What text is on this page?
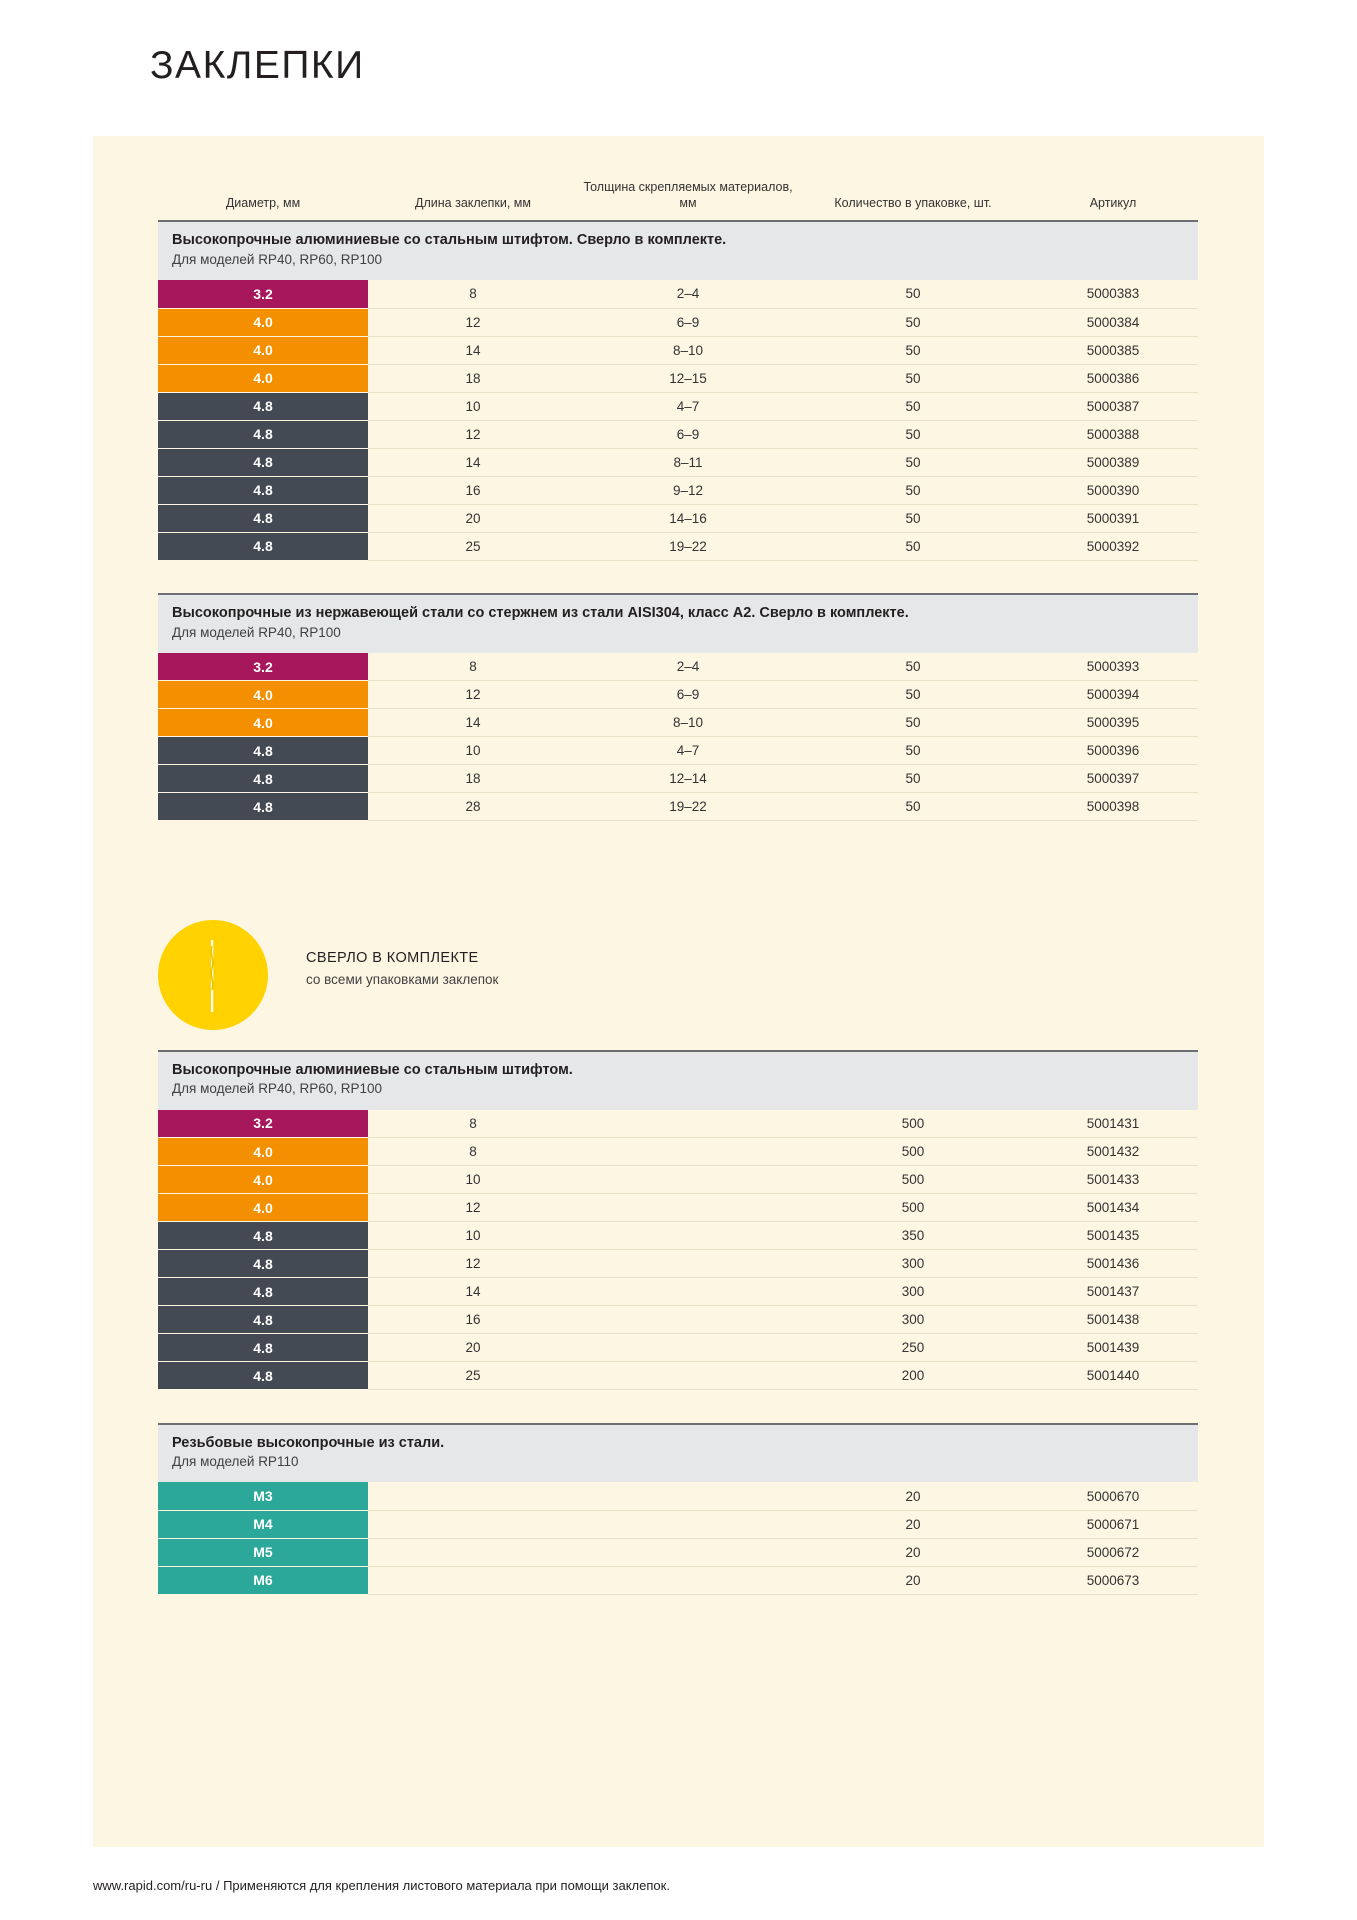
ЗАКЛЕПКИ
Диаметр, мм	Длина заклепки, мм	Толщина скрепляемых материалов, мм	Количество в упаковке, шт.	Артикул

Высокопрочные алюминиевые со стальным штифтом. Сверло в комплекте.
Для моделей RP40, RP60, RP100				

3.2	8	2–4	50	5000383
4.0	12	6–9	50	5000384
4.0	14	8–10	50	5000385
4.0	18	12–15	50	5000386
4.8	10	4–7	50	5000387
4.8	12	6–9	50	5000388
4.8	14	8–11	50	5000389
4.8	16	9–12	50	5000390
4.8	20	14–16	50	5000391
4.8	25	19–22	50	5000392

Высокопрочные из нержавеющей стали со стержнем из стали AISI304, класс А2. Сверло в комплекте.
Для моделей RP40, RP100				

3.2	8	2–4	50	5000393
4.0	12	6–9	50	5000394
4.0	14	8–10	50	5000395
4.8	10	4–7	50	5000396
4.8	18	12–14	50	5000397
4.8	28	19–22	50	5000398

Высокопрочные алюминиевые со стальным штифтом.
Для моделей RP40, RP60, RP100				

3.2	8		500	5001431
4.0	8		500	5001432
4.0	10		500	5001433
4.0	12		500	5001434
4.8	10		350	5001435
4.8	12		300	5001436
4.8	14		300	5001437
4.8	16		300	5001438
4.8	20		250	5001439
4.8	25		200	5001440

Резьбовые высокопрочные из стали.
Для моделей RP110				

М3			20	5000670
М4			20	5000671
М5			20	5000672
М6			20	5000673
СВЕРЛО В КОМПЛЕКТЕ
со всеми упаковками заклепок
www.rapid.com/ru-ru / Применяются для крепления листового материала при помощи заклепок.
